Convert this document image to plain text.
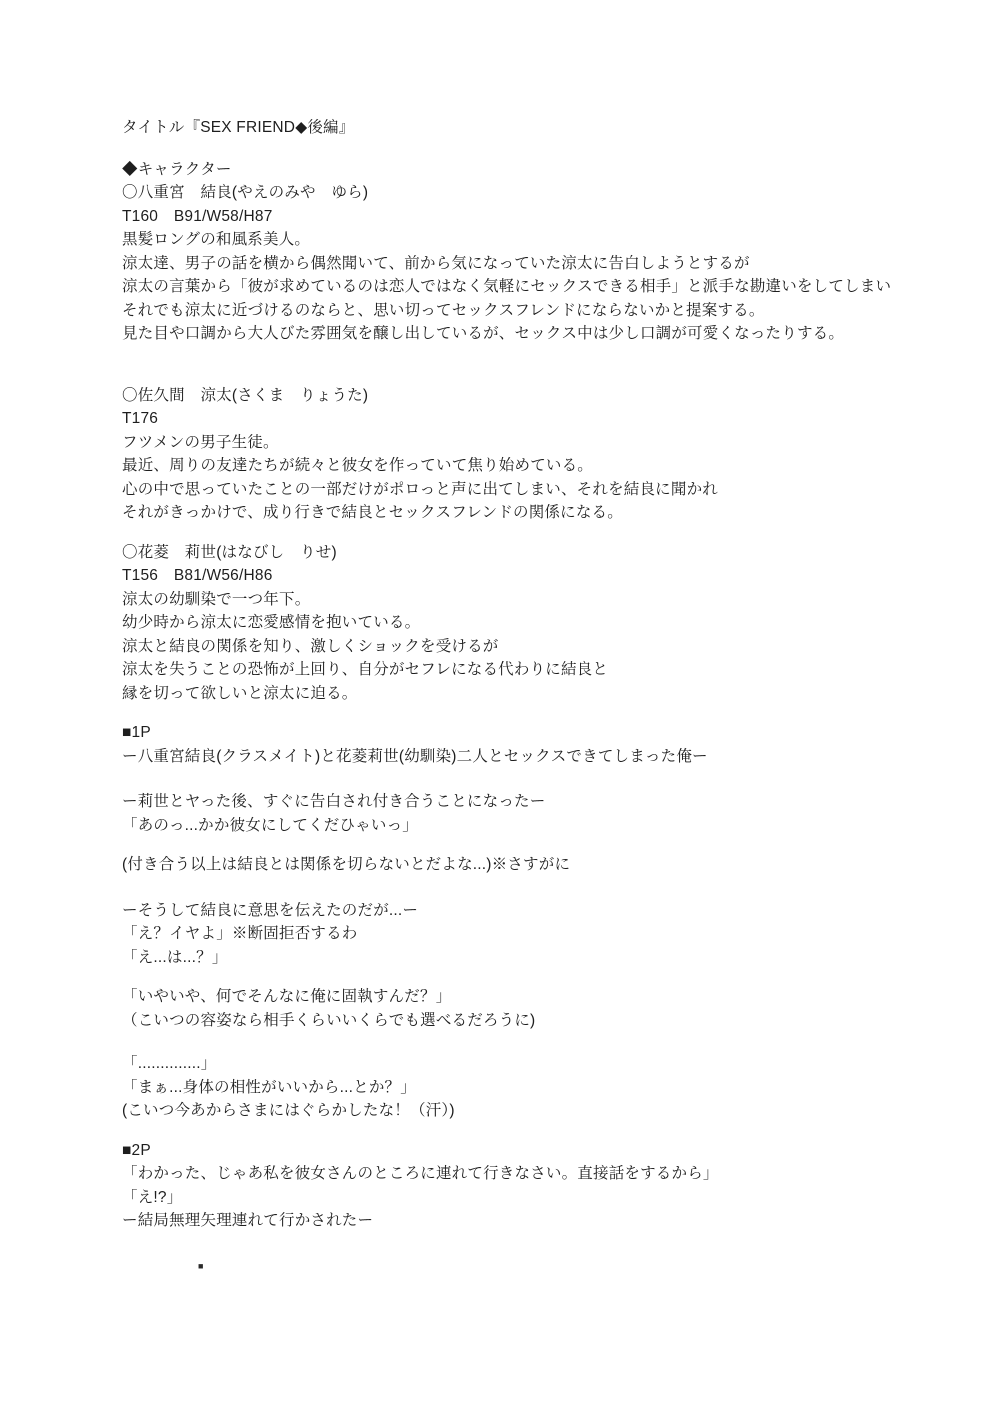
タイトル『SEX FRIEND◆後編』
◆キャラクター
〇八重宮　結良(やえのみや　ゆら)
T160　B91/W58/H87
黒髪ロングの和風系美人。
涼太達、男子の話を横から偶然聞いて、前から気になっていた涼太に告白しようとするが
涼太の言葉から「彼が求めているのは恋人ではなく気軽にセックスできる相手」と派手な勘違いをしてしまい
それでも涼太に近づけるのならと、思い切ってセックスフレンドにならないかと提案する。
見た目や口調から大人びた雰囲気を醸し出しているが、セックス中は少し口調が可愛くなったりする。
〇佐久間　涼太(さくま　りょうた)
T176
フツメンの男子生徒。
最近、周りの友達たちが続々と彼女を作っていて焦り始めている。
心の中で思っていたことの一部だけがポロっと声に出てしまい、それを結良に聞かれ
それがきっかけで、成り行きで結良とセックスフレンドの関係になる。
〇花菱　莉世(はなびし　りせ)
T156　B81/W56/H86
涼太の幼馴染で一つ年下。
幼少時から涼太に恋愛感情を抱いている。
涼太と結良の関係を知り、激しくショックを受けるが
涼太を失うことの恐怖が上回り、自分がセフレになる代わりに結良と
縁を切って欲しいと涼太に迫る。
■1P
ー八重宮結良(クラスメイト)と花菱莉世(幼馴染)二人とセックスできてしまった俺ー
ー莉世とヤった後、すぐに告白され付き合うことになったー
「あのっ...かか彼女にしてくだひゃいっ」
(付き合う以上は結良とは関係を切らないとだよな...)※さすがに
ーそうして結良に意思を伝えたのだが...ー
「え？イヤよ」※断固拒否するわ
「え...は...？」
「いやいや、何でそんなに俺に固執すんだ？」
（こいつの容姿なら相手くらいいくらでも選べるだろうに)
「..............」
「まぁ...身体の相性がいいから...とか？」
(こいつ今あからさまにはぐらかしたな！（汗）)
■2P
「わかった、じゃあ私を彼女さんのところに連れて行きなさい。直接話をするから」
「え!?」
ー結局無理矢理連れて行かされたー
■
